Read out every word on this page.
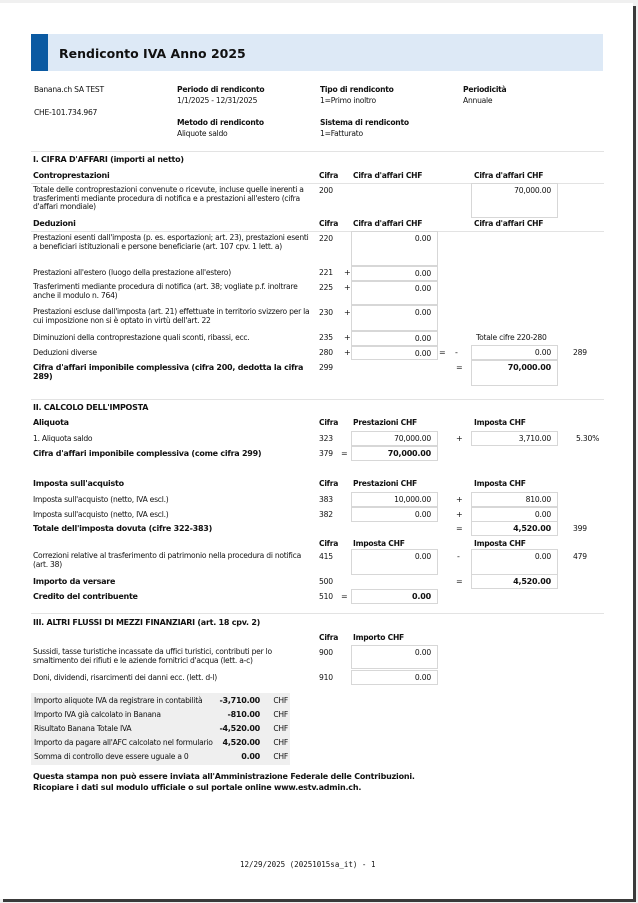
Rendiconto IVA Anno 2025
Banana.ch SA TEST
CHE-101.734.967
Periodo di rendiconto
1/1/2025 - 12/31/2025
Metodo di rendiconto
Aliquote saldo
Tipo di rendiconto
1=Primo inoltro
Sistema di rendiconto
1=Fatturato
Periodicità
Annuale
I. CIFRA D'AFFARI (importi al netto)
Controprestazioni	Cifra Cifra d'affari CHF	Cifra d'affari CHF
Totale delle controprestazioni convenute o ricevute, incluse quelle inerenti a trasferimenti mediante procedura di notifica e a prestazioni all'estero (cifra d'affari mondiale)
200	70,000.00
Deduzioni	Cifra Cifra d'affari CHF	Cifra d'affari CHF
Prestazioni esenti dall'imposta (p. es. esportazioni; art. 23), prestazioni esenti a beneficiari istituzionali e persone beneficiarie (art. 107 cpv. 1 lett. a)
220	0.00
Prestazioni all'estero (luogo della prestazione all'estero)	221 +	0.00
Trasferimenti mediante procedura di notifica (art. 38; vogliate p.f. inoltrare anche il modulo n. 764)
225 +	0.00
Prestazioni escluse dall'imposta (art. 21) effettuate in territorio svizzero per la cui imposizione non si è optato in virtù dell'art. 22
230 +	0.00
Diminuzioni della controprestazione quali sconti, ribassi, ecc.	235 +	0.00	Totale cifre 220-280
Deduzioni diverse	280 +	0.00	= -	0.00	289
Cifra d'affari imponibile complessiva (cifra 200, dedotta la cifra 289)
299	=	70,000.00
II. CALCOLO DELL'IMPOSTA
Aliquota	Cifra Prestazioni CHF	Imposta CHF
1. Aliquota saldo	323	70,000.00	+	3,710.00	5.30%
Cifra d'affari imponibile complessiva (come cifra 299)	379 =	70,000.00
Imposta sull'acquisto	Cifra Prestazioni CHF	Imposta CHF
Imposta sull'acquisto (netto, IVA escl.)	383	10,000.00	+	810.00
Imposta sull'acquisto (netto, IVA escl.)	382	0.00	+	0.00
Totale dell'imposta dovuta (cifre 322-383)	=	4,520.00	399
Cifra Imposta CHF	Imposta CHF
Correzioni relative al trasferimento di patrimonio nella procedura di notifica (art. 38)
415	0.00	-	0.00	479
Importo da versare	500	=	4,520.00
Credito del contribuente	510 =	0.00
III. ALTRI FLUSSI DI MEZZI FINANZIARI (art. 18 cpv. 2)
Cifra Importo CHF
Sussidi, tasse turistiche incassate da uffici turistici, contributi per lo smaltimento dei rifiuti e le aziende fornitrici d'acqua (lett. a-c)
900	0.00
Doni, dividendi, risarcimenti dei danni ecc. (lett. d-l)	910	0.00
Importo aliquote IVA da registrare in contabilità -3,710.00 CHF
Importo IVA già calcolato in Banana	-810.00 CHF
Risultato Banana Totale IVA	-4,520.00 CHF
Importo da pagare all'AFC calcolato nel formulario 4,520.00 CHF
Somma di controllo deve essere uguale a 0	0.00 CHF
Questa stampa non può essere inviata all'Amministrazione Federale delle Contribuzioni.
Ricopiare i dati sul modulo ufficiale o sul portale online www.estv.admin.ch.
12/29/2025 (20251015sa_it) - 1
